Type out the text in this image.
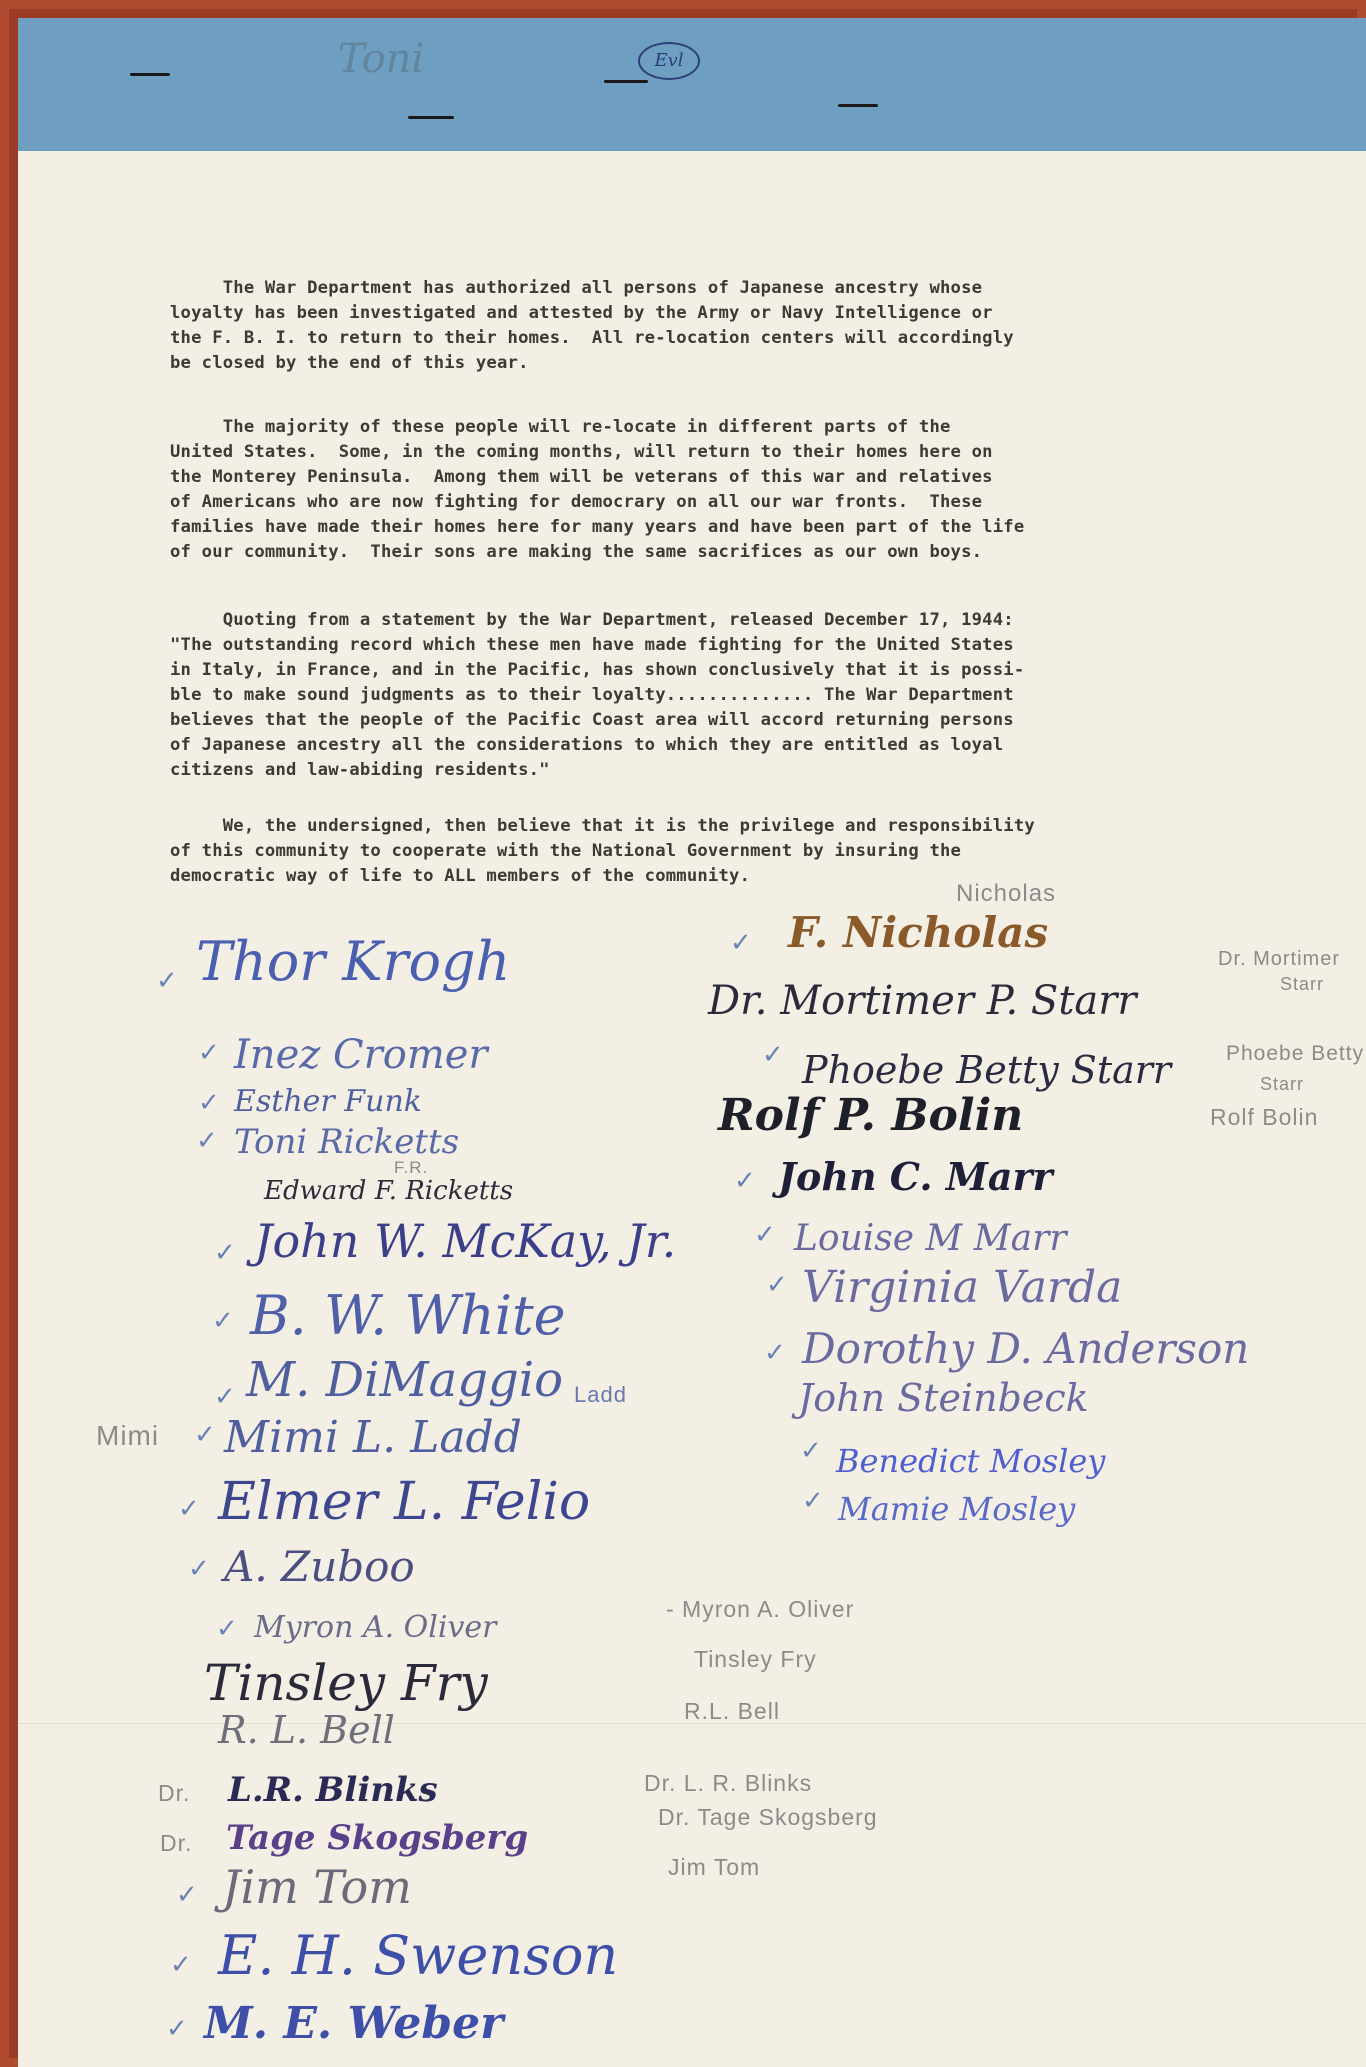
Toni	Evl

The War Department has authorized all persons of Japanese ancestry whose
loyalty has been investigated and attested by the Army or Navy Intelligence or
the F. B. I. to return to their homes.  All re-location centers will accordingly
be closed by the end of this year.

The majority of these people will re-locate in different parts of the
United States.  Some, in the coming months, will return to their homes here on
the Monterey Peninsula.  Among them will be veterans of this war and relatives
of Americans who are now fighting for democrary on all our war fronts.  These
families have made their homes here for many years and have been part of the life
of our community.  Their sons are making the same sacrifices as our own boys.

Quoting from a statement by the War Department, released December 17, 1944:
"The outstanding record which these men have made fighting for the United States
in Italy, in France, and in the Pacific, has shown conclusively that it is possi-
ble to make sound judgments as to their loyalty.............. The War Department
believes that the people of the Pacific Coast area will accord returning persons
of Japanese ancestry all the considerations to which they are entitled as loyal
citizens and law-abiding residents."

We, the undersigned, then believe that it is the privilege and responsibility
of this community to cooperate with the National Government by insuring the
democratic way of life to ALL members of the community.

✓ Thor Krogh
✓ Inez Cromer
✓ Esther Funk
✓ Toni Ricketts
F.R.
Edward F. Ricketts
✓ John W. McKay, Jr.
✓ B. W. White
✓ M. DiMaggio
Mimi ✓ Mimi L. Ladd
Ladd
✓ Elmer L. Felio
✓ A. Zuboo
✓ Myron A. Oliver
- Myron A. Oliver
Tinsley Fry	Tinsley Fry
R. L. Bell	R.L. Bell
Dr. L.R. Blinks	Dr. L. R. Blinks
Dr. Tage Skogsberg
Dr. Tage Skogsberg
✓ Jim Tom	Jim Tom
✓ E. H. Swenson
✓ M. E. Weber
Nicholas
✓ F. Nicholas
Dr. Mortimer P. Starr
Dr. Mortimer
Starr
✓ Phoebe Betty Starr	Phoebe Betty
Starr
Rolf P. Bolin	Rolf Bolin
✓ John C. Marr
✓ Louise M Marr
✓ Virginia Varda
✓ Dorothy D. Anderson
John Steinbeck
✓ Benedict Mosley
✓ Mamie Mosley
